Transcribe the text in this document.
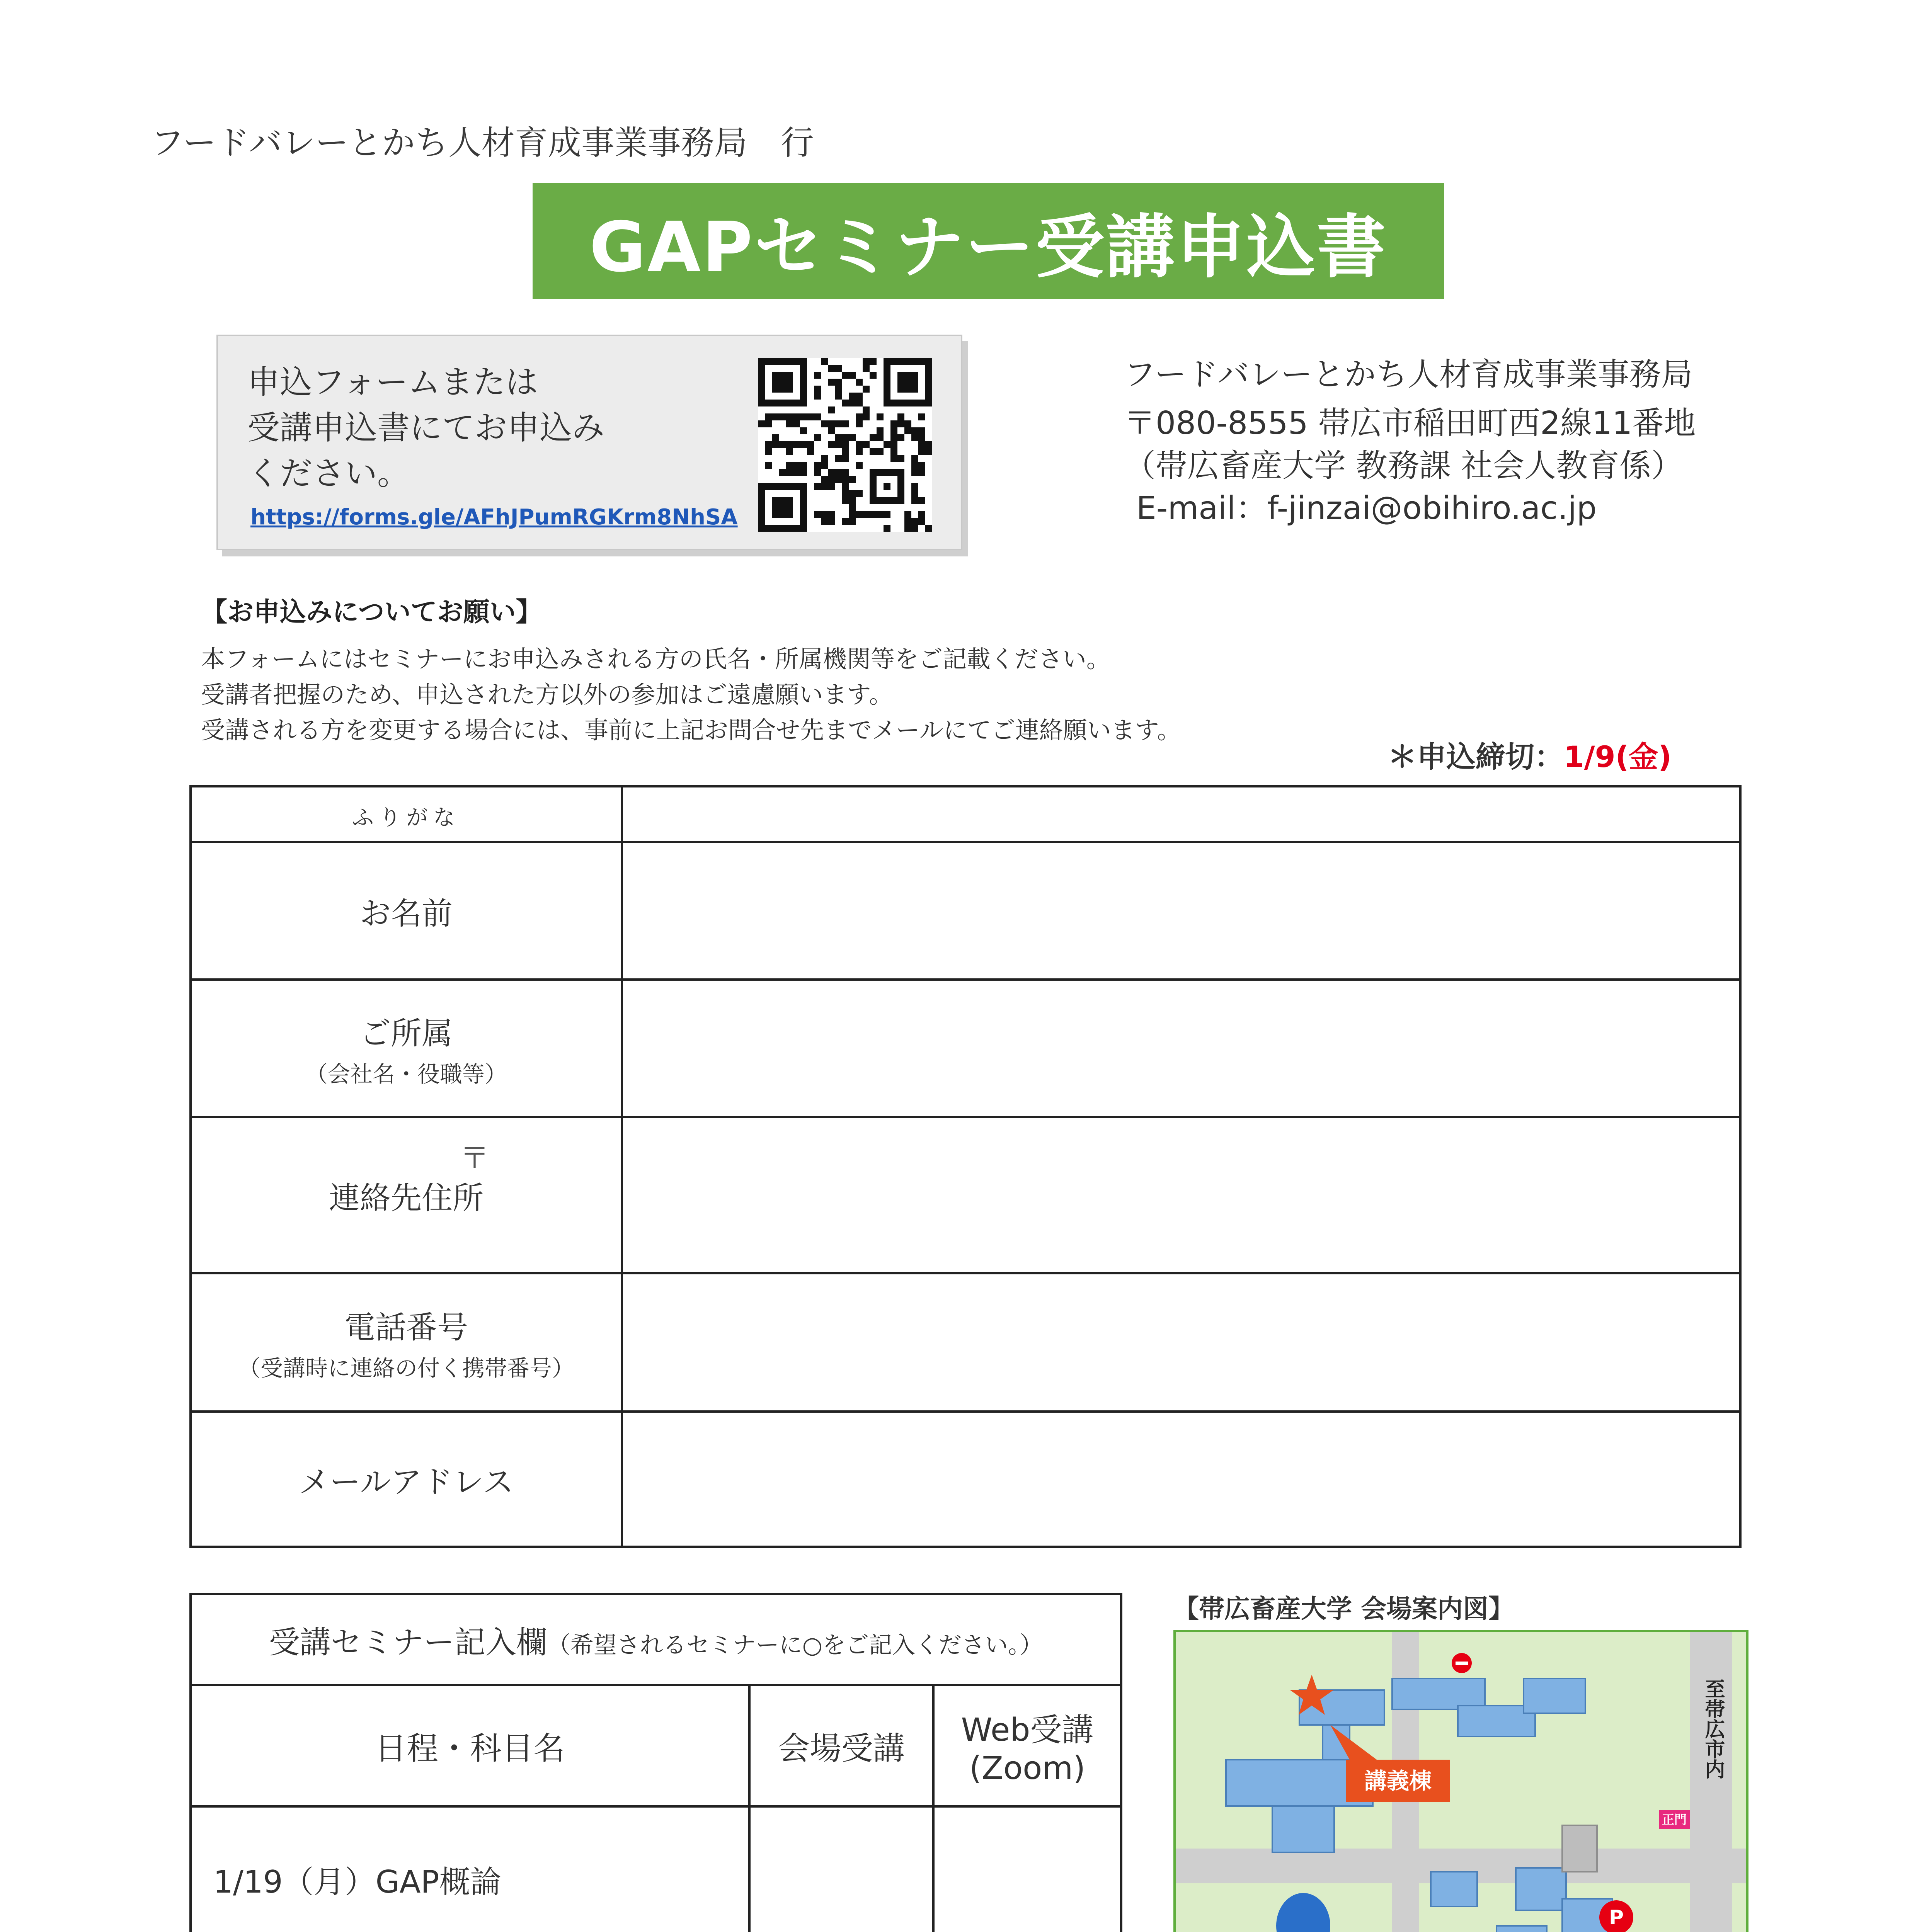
フードバレーとかち人材育成事業事務局　行
GAPセミナー受講申込書
申込フォームまたは
受講申込書にてお申込み
ください。
https://forms.gle/AFhJPumRGKrm8NhSA
フードバレーとかち人材育成事業事務局
〒080-8555 帯広市稲田町西2線11番地
（帯広畜産大学 教務課 社会人教育係）
E-mail：f-jinzai@obihiro.ac.jp
【お申込みについてお願い】
本フォームにはセミナーにお申込みされる方の氏名・所属機関等をご記載ください。
受講者把握のため、申込された方以外の参加はご遠慮願います。
受講される方を変更する場合には、事前に上記お問合せ先までメールにてご連絡願います。
＊申込締切：1/9(金)
ふりがな	
お名前	
ご所属
（会社名・役職等）	

連絡先住所	
電話番号
（受講時に連絡の付く携帯番号）	

メールアドレス	
〒
受講セミナー記入欄（希望されるセミナーに○をご記入ください。）		
日程・科目名	会場受講	Web受講
(Zoom)

1/19（月）GAP概論		

【帯広畜産大学 会場案内図】
講義棟
P
正門
至帯広市内
